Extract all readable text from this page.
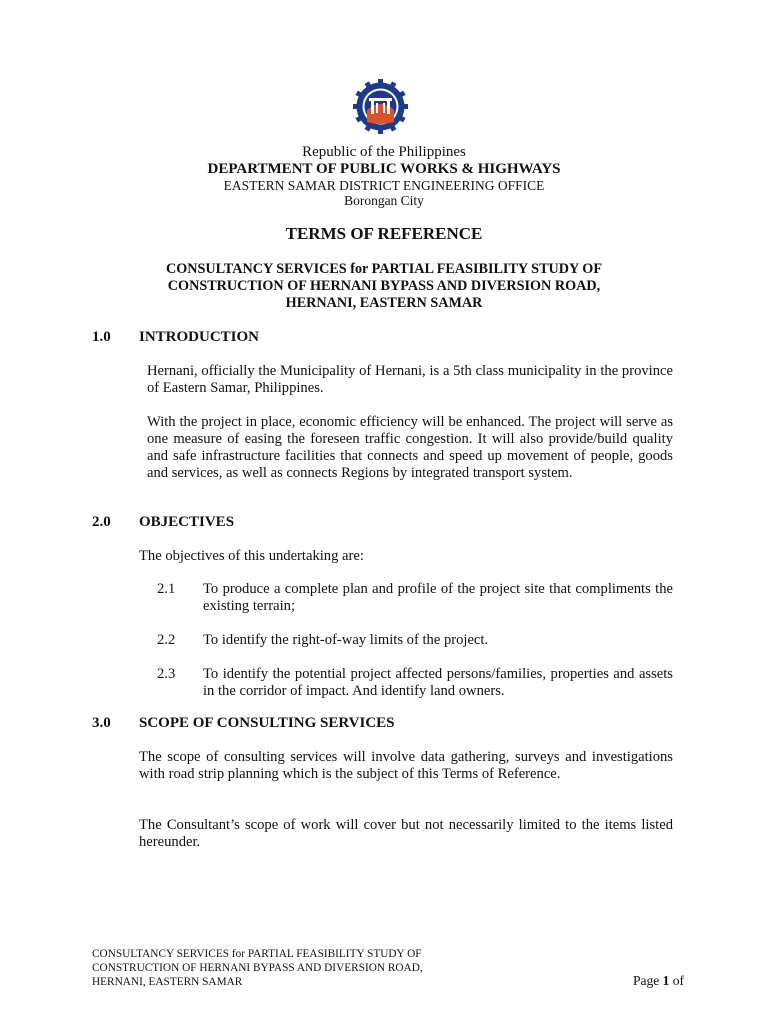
Republic of the Philippines
DEPARTMENT OF PUBLIC WORKS & HIGHWAYS
EASTERN SAMAR DISTRICT ENGINEERING OFFICE
Borongan City
TERMS OF REFERENCE
CONSULTANCY SERVICES for PARTIAL FEASIBILITY STUDY OF
CONSTRUCTION OF HERNANI BYPASS AND DIVERSION ROAD,
HERNANI, EASTERN SAMAR
1.0 INTRODUCTION

Hernani, officially the Municipality of Hernani, is a 5th class municipality in the province of Eastern Samar, Philippines.

With the project in place, economic efficiency will be enhanced. The project will serve as one measure of easing the foreseen traffic congestion. It will also provide/build quality and safe infrastructure facilities that connects and speed up movement of people, goods and services, as well as connects Regions by integrated transport system.

2.0 OBJECTIVES

The objectives of this undertaking are:

2.1 To produce a complete plan and profile of the project site that compliments the existing terrain;

2.2 To identify the right-of-way limits of the project.

2.3 To identify the potential project affected persons/families, properties and assets in the corridor of impact. And identify land owners.

3.0 SCOPE OF CONSULTING SERVICES

The scope of consulting services will involve data gathering, surveys and investigations with road strip planning which is the subject of this Terms of Reference.

The Consultant’s scope of work will cover but not necessarily limited to the items listed hereunder.

CONSULTANCY SERVICES for PARTIAL FEASIBILITY STUDY OF
CONSTRUCTION OF HERNANI BYPASS AND DIVERSION ROAD,
HERNANI, EASTERN SAMAR	Page 1 of
